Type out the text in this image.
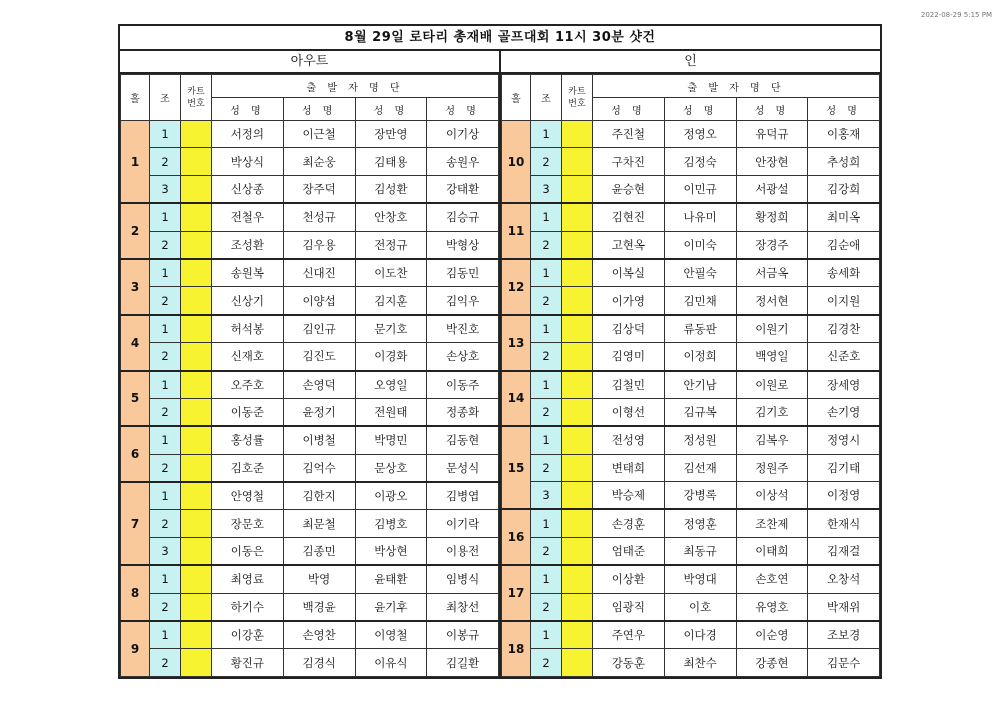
2022-08-29 5:15 PM
8월 29일 로타리 총재배 골프대회 11시 30분 샷건
아우트
홀	조	카트
번호	출 발 자 명 단			
			성 명	성 명	성 명	성 명
1	1		서정의	이근철	장만영	이기상
	2		박상식	최순웅	김태용	송원우
	3		신상종	장주덕	김성환	강태환
2	1		전철우	천성규	안창호	김승규
	2		조성환	김우용	전정규	박형상
3	1		송원복	신대진	이도찬	김동민
	2		신상기	이양섭	김지훈	김익우
4	1		허석봉	김인규	문기호	박진호
	2		신재호	김진도	이경화	손상호
5	1		오주호	손영덕	오영일	이동주
	2		이동준	윤정기	전원태	정종화
6	1		홍성률	이병철	박명민	김동현
	2		김호준	김억수	문상호	문성식
7	1		안영철	김한지	이광오	김병엽
	2		장문호	최문철	김병호	이기락
	3		이동은	김종민	박상현	이용전
8	1		최영료	박영	윤태환	임병식
	2		하기수	백경윤	윤기후	최창선
9	1		이강훈	손영찬	이영철	이봉규
	2		황진규	김경식	이유식	김길환
인
홀	조	카트
번호	출 발 자 명 단			
			성 명	성 명	성 명	성 명
10	1		주진철	정영오	유덕규	이홍재
	2		구차진	김정숙	안장현	추성희
	3		윤승현	이민규	서광설	김강희
11	1		김현진	나유미	황정희	최미옥
	2		고현옥	이미숙	장경주	김순애
12	1		이복실	안필숙	서금옥	송세화
	2		이가영	김민채	정서현	이지원
13	1		김상덕	류동판	이원기	김경찬
	2		김영미	이정희	백영일	신준호
14	1		김철민	안기남	이원로	장세영
	2		이형선	김규복	김기호	손기영
15	1		전성영	정성원	김복우	정영시
	2		변태희	김선재	정원주	김기태
	3		박승제	강병록	이상석	이정영
16	1		손경훈	정영훈	조찬제	한재식
	2		엄태준	최동규	이태희	김재걸
17	1		이상환	박영대	손호연	오창석
	2		임광직	이호	유영호	박재위
18	1		주연우	이다경	이순영	조보경
	2		강동훈	최찬수	강종현	김문수
